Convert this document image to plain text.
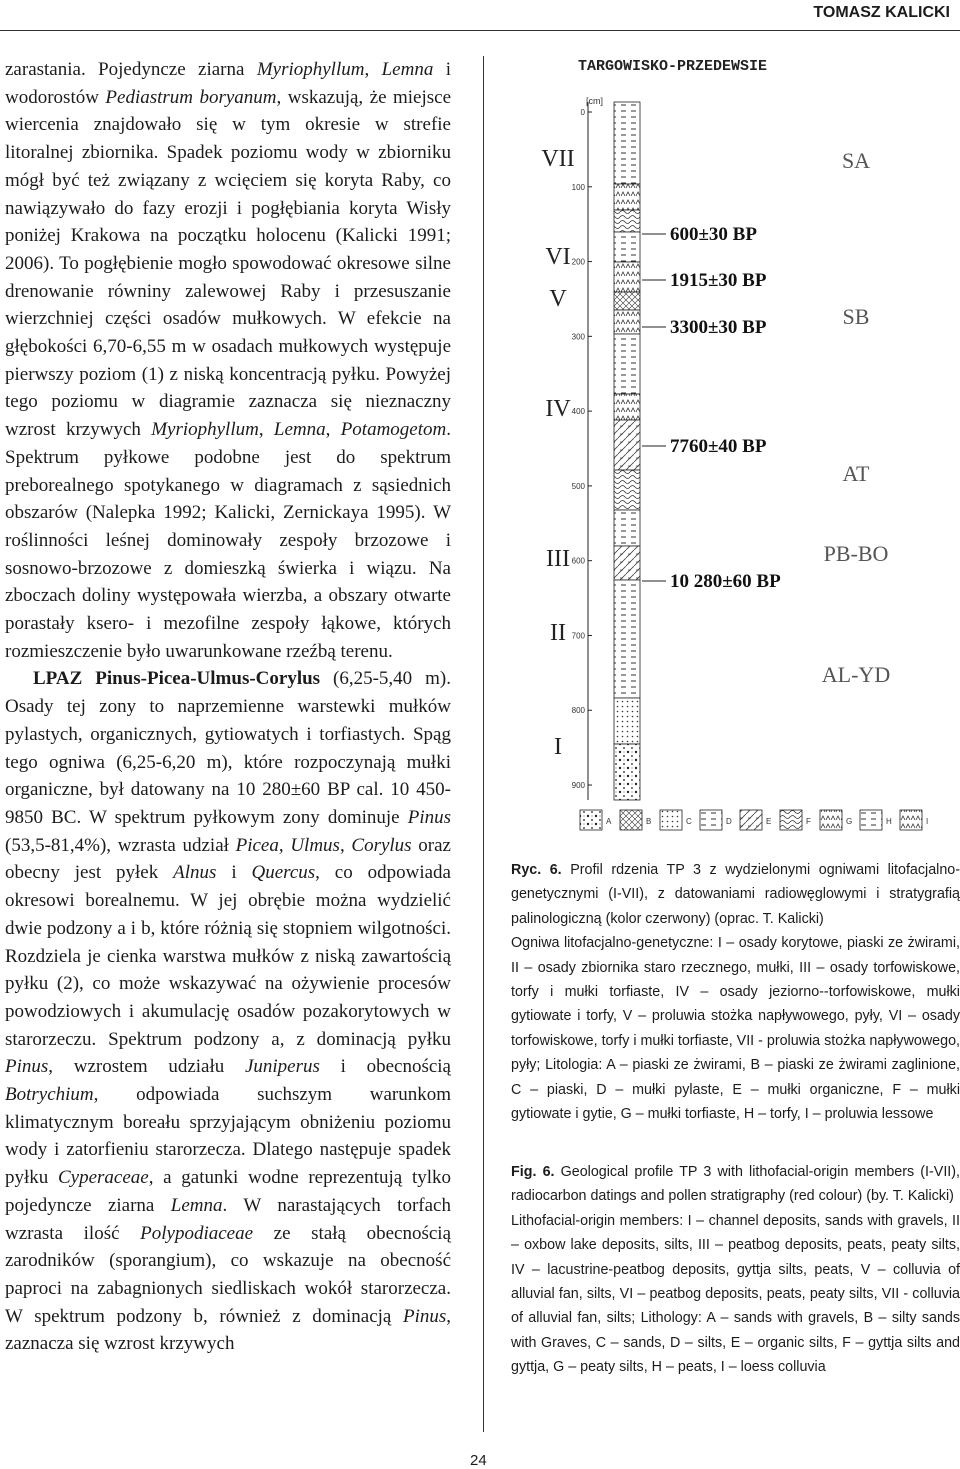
TOMASZ KALICKI

zarastania. Pojedyncze ziarna Myriophyllum, Lemna i wodorostów Pediastrum boryanum, wskazują, że miejsce wiercenia znajdowało się w tym okresie w strefie litoralnej zbiornika. Spadek poziomu wody w zbiorniku mógł być też związany z wcięciem się koryta Raby, co nawiązywało do fazy erozji i pogłębiania koryta Wisły poniżej Krakowa na początku holocenu (Kalicki 1991; 2006). To pogłębienie mogło spowodować okresowe silne drenowanie równiny zalewowej Raby i przesuszanie wierzchniej części osadów mułkowych. W efekcie na głębokości 6,70-6,55 m w osadach mułkowych występuje pierwszy poziom (1) z niską koncentracją pyłku. Powyżej tego poziomu w diagramie zaznacza się nieznaczny wzrost krzywych Myriophyllum, Lemna, Potamogetom. Spektrum pyłkowe podobne jest do spektrum preborealnego spotykanego w diagramach z sąsiednich obszarów (Nalepka 1992; Kalicki, Zernickaya 1995). W roślinności leśnej dominowały zespoły brzozowe i sosnowo-brzozowe z domieszką świerka i wiązu. Na zboczach doliny występowała wierzba, a obszary otwarte porastały ksero- i mezofilne zespoły łąkowe, których rozmieszczenie było uwarunkowane rzeźbą terenu.

LPAZ Pinus-Picea-Ulmus-Corylus (6,25-5,40 m). Osady tej zony to naprzemienne warstewki mułków pylastych, organicznych, gytiowatych i torfiastych. Spąg tego ogniwa (6,25-6,20 m), które rozpoczynają mułki organiczne, był datowany na 10 280±60 BP cal. 10 450-9850 BC. W spektrum pyłkowym zony dominuje Pinus (53,5-81,4%), wzrasta udział Picea, Ulmus, Corylus oraz obecny jest pyłek Alnus i Quercus, co odpowiada okresowi borealnemu. W jej obrębie można wydzielić dwie podzony a i b, które różnią się stopniem wilgotności. Rozdziela je cienka warstwa mułków z niską zawartością pyłku (2), co może wskazywać na ożywienie procesów powodziowych i akumulację osadów pozakorytowych w starorzeczu. Spektrum podzony a, z dominacją pyłku Pinus, wzrostem udziału Juniperus i obecnością Botrychium, odpowiada suchszym warunkom klimatycznym boreału sprzyjającym obniżeniu poziomu wody i zatorfieniu starorzecza. Dlatego następuje spadek pyłku Cyperaceae, a gatunki wodne reprezentują tylko pojedyncze ziarna Lemna. W narastających torfach wzrasta ilość Polypodiaceae ze stałą obecnością zarodników (sporangium), co wskazuje na obecność paproci na zabagnionych siedliskach wokół starorzecza. W spektrum podzony b, również z dominacją Pinus, zaznacza się wzrost krzywych

TARGOWISKO-PRZEDEWSIE
[cm]
0
100
200
300
400
500
600
700
800
900
VII
VI
V
IV
III
II
I
600±30 BP
1915±30 BP
3300±30 BP
7760±40 BP
10 280±60 BP
SA
SB
AT
PB-BO
AL-YD
A	B	C	D	E	F	G	H	I

Ryc. 6. Profil rdzenia TP 3 z wydzielonymi ogniwami litofacjalno-genetycznymi (I-VII), z datowaniami radiowęglowymi i stratygrafią palinologiczną (kolor czerwony) (oprac. T. Kalicki)

Ogniwa litofacjalno-genetyczne: I – osady korytowe, piaski ze żwirami, II – osady zbiornika staro rzecznego, mułki, III – osady torfowiskowe, torfy i mułki torfiaste, IV – osady jeziorno--torfowiskowe, mułki gytiowate i torfy, V – proluwia stożka napływowego, pyły, VI – osady torfowiskowe, torfy i mułki torfiaste, VII - proluwia stożka napływowego, pyły; Litologia: A – piaski ze żwirami, B – piaski ze żwirami zaglinione, C – piaski, D – mułki pylaste, E – mułki organiczne, F – mułki gytiowate i gytie, G – mułki torfiaste, H – torfy, I – proluwia lessowe

Fig. 6. Geological profile TP 3 with lithofacial-origin members (I-VII), radiocarbon datings and pollen stratigraphy (red colour) (by. T. Kalicki)

Lithofacial-origin members: I – channel deposits, sands with gravels, II – oxbow lake deposits, silts, III – peatbog deposits, peats, peaty silts, IV – lacustrine-peatbog deposits, gyttja silts, peats, V – colluvia of alluvial fan, silts, VI – peatbog deposits, peats, peaty silts, VII - colluvia of alluvial fan, silts; Lithology: A – sands with gravels, B – silty sands with Graves, C – sands, D – silts, E – organic silts, F – gyttja silts and gyttja, G – peaty silts, H – peats, I – loess colluvia

24
